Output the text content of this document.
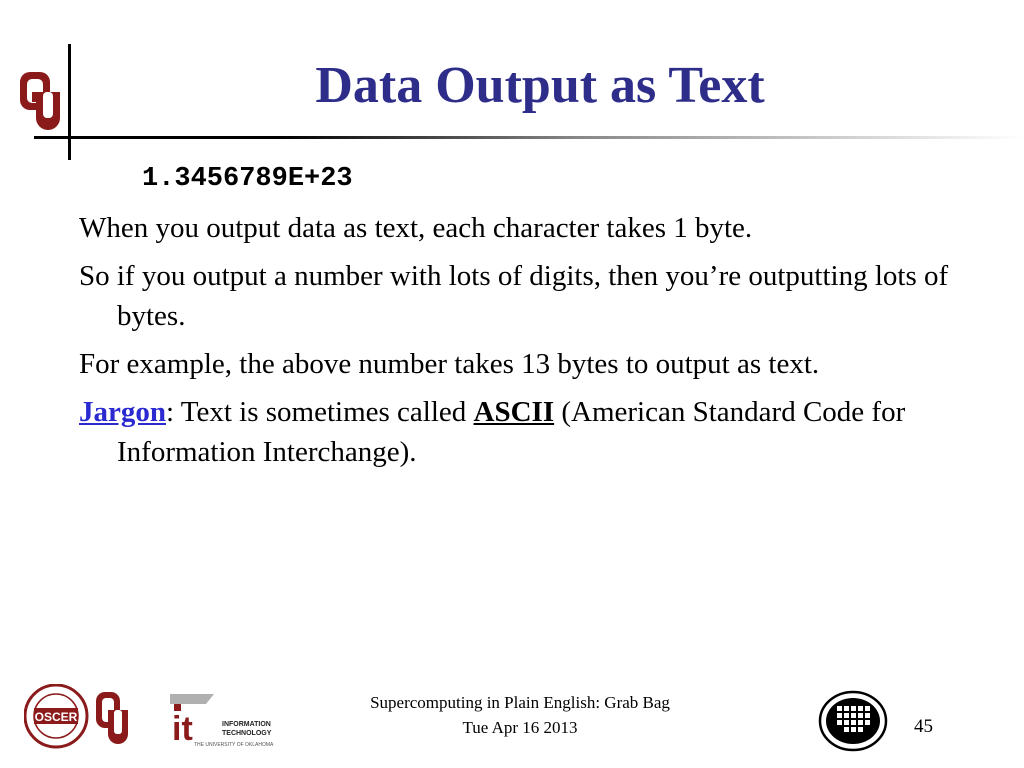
Data Output as Text
1.3456789E+23
When you output data as text, each character takes 1 byte.
So if you output a number with lots of digits, then you’re outputting lots of bytes.
For example, the above number takes 13 bytes to output as text.
Jargon: Text is sometimes called ASCII (American Standard Code for Information Interchange).
OSCER	it	INFORMATION
TECHNOLOGY
THE UNIVERSITY OF OKLAHOMA
Supercomputing in Plain English: Grab Bag
Tue Apr 16 2013	45
